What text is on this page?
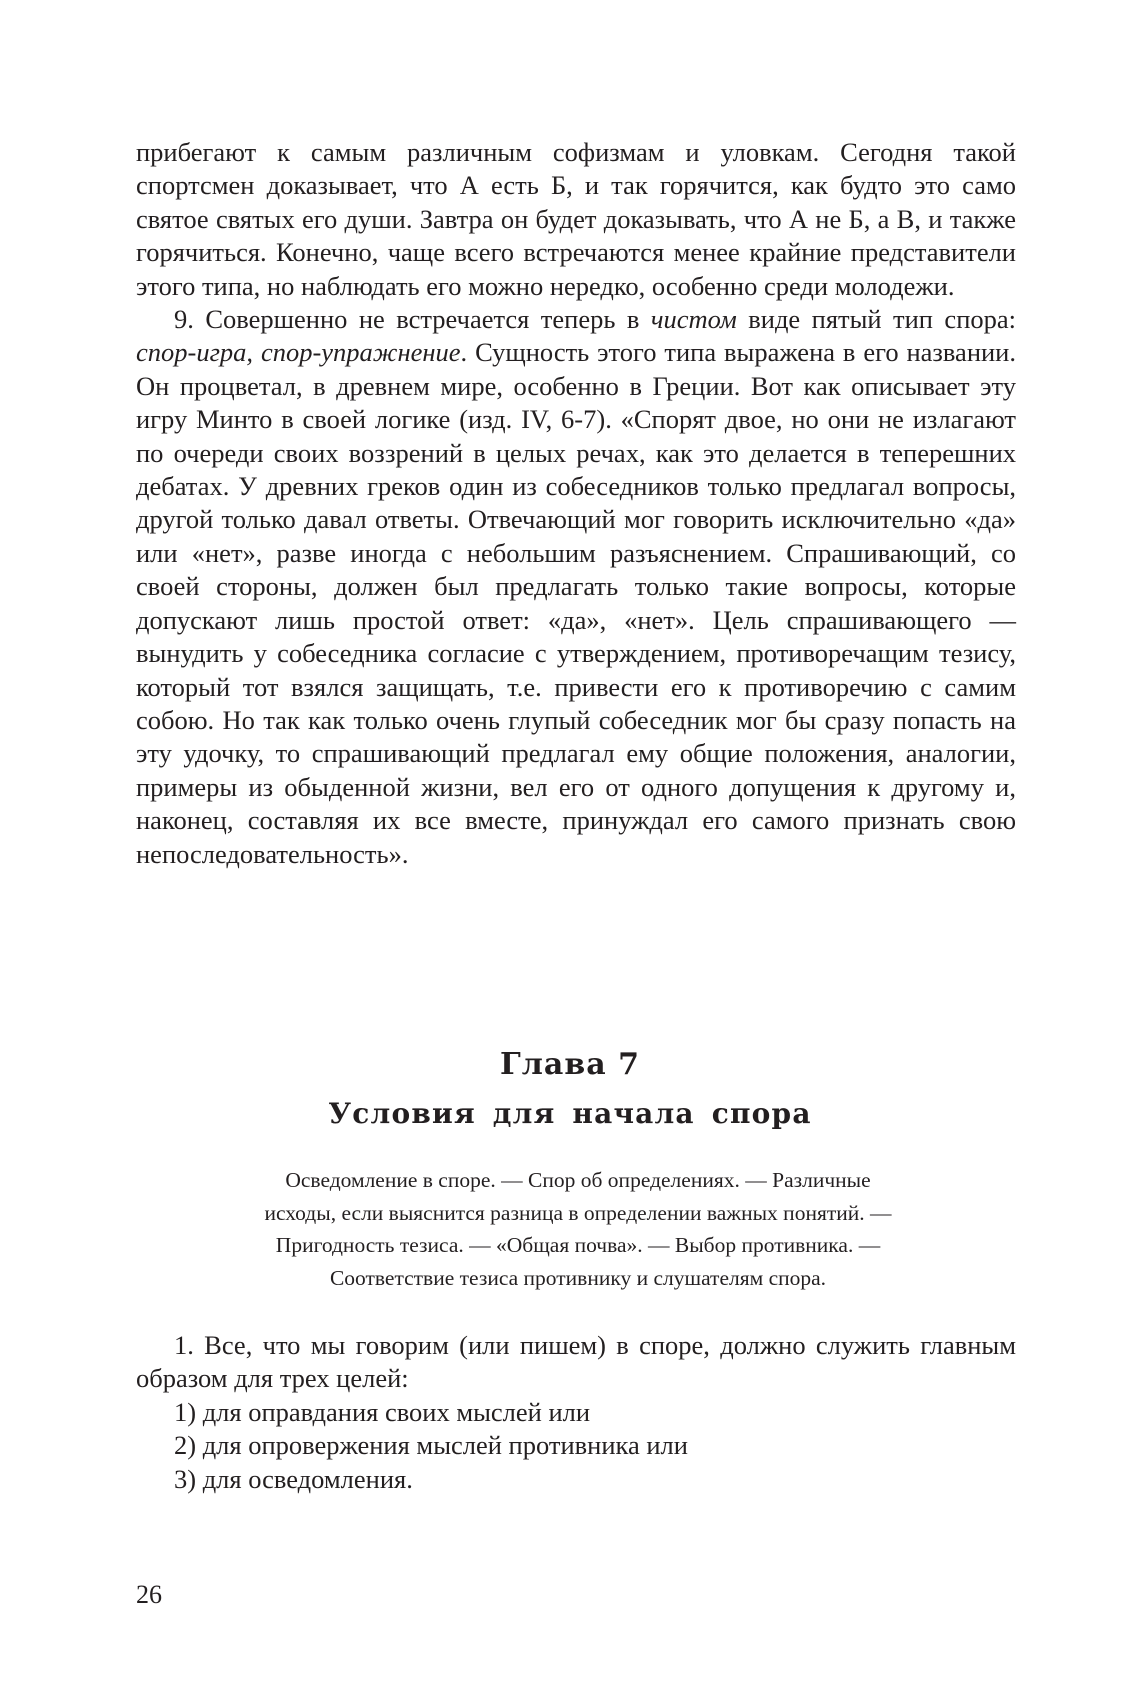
прибегают к самым различным софизмам и уловкам. Сегодня такой спортсмен доказывает, что А есть Б, и так горячится, как будто это само святое святых его души. Завтра он будет доказывать, что А не Б, а В, и также горячиться. Конечно, чаще всего встречаются менее крайние представители этого типа, но наблюдать его можно нередко, особенно среди молодежи.

9. Совершенно не встречается теперь в чистом виде пятый тип спора: спор-игра, спор-упражнение. Сущность этого типа выражена в его названии. Он процветал, в древнем мире, особенно в Греции. Вот как описывает эту игру Минто в своей логике (изд. IV, 6-7). «Спорят двое, но они не излагают по очереди своих воззрений в целых речах, как это делается в теперешних дебатах. У древних греков один из собеседников только предлагал вопросы, другой только давал ответы. Отвечающий мог говорить исключительно «да» или «нет», разве иногда с небольшим разъяснением. Спрашивающий, со своей стороны, должен был предлагать только такие вопросы, которые допускают лишь простой ответ: «да», «нет». Цель спрашивающего — вынудить у собеседника согласие с утверждением, противоречащим тезису, который тот взялся защищать, т.е. привести его к противоречию с самим собою. Но так как только очень глупый собеседник мог бы сразу попасть на эту удочку, то спрашивающий предлагал ему общие положения, аналогии, примеры из обыденной жизни, вел его от одного допущения к другому и, наконец, составляя их все вместе, принуждал его самого признать свою непоследовательность».

Глава 7
Условия для начала спора
Осведомление в споре. — Спор об определениях. — Различные
исходы, если выяснится разница в определении важных понятий. —
Пригодность тезиса. — «Общая почва». — Выбор противника. —
Соответствие тезиса противнику и слушателям спора.

1. Все, что мы говорим (или пишем) в споре, должно служить главным образом для трех целей:

1) для оправдания своих мыслей или

2) для опровержения мыслей противника или

3) для осведомления.

26
